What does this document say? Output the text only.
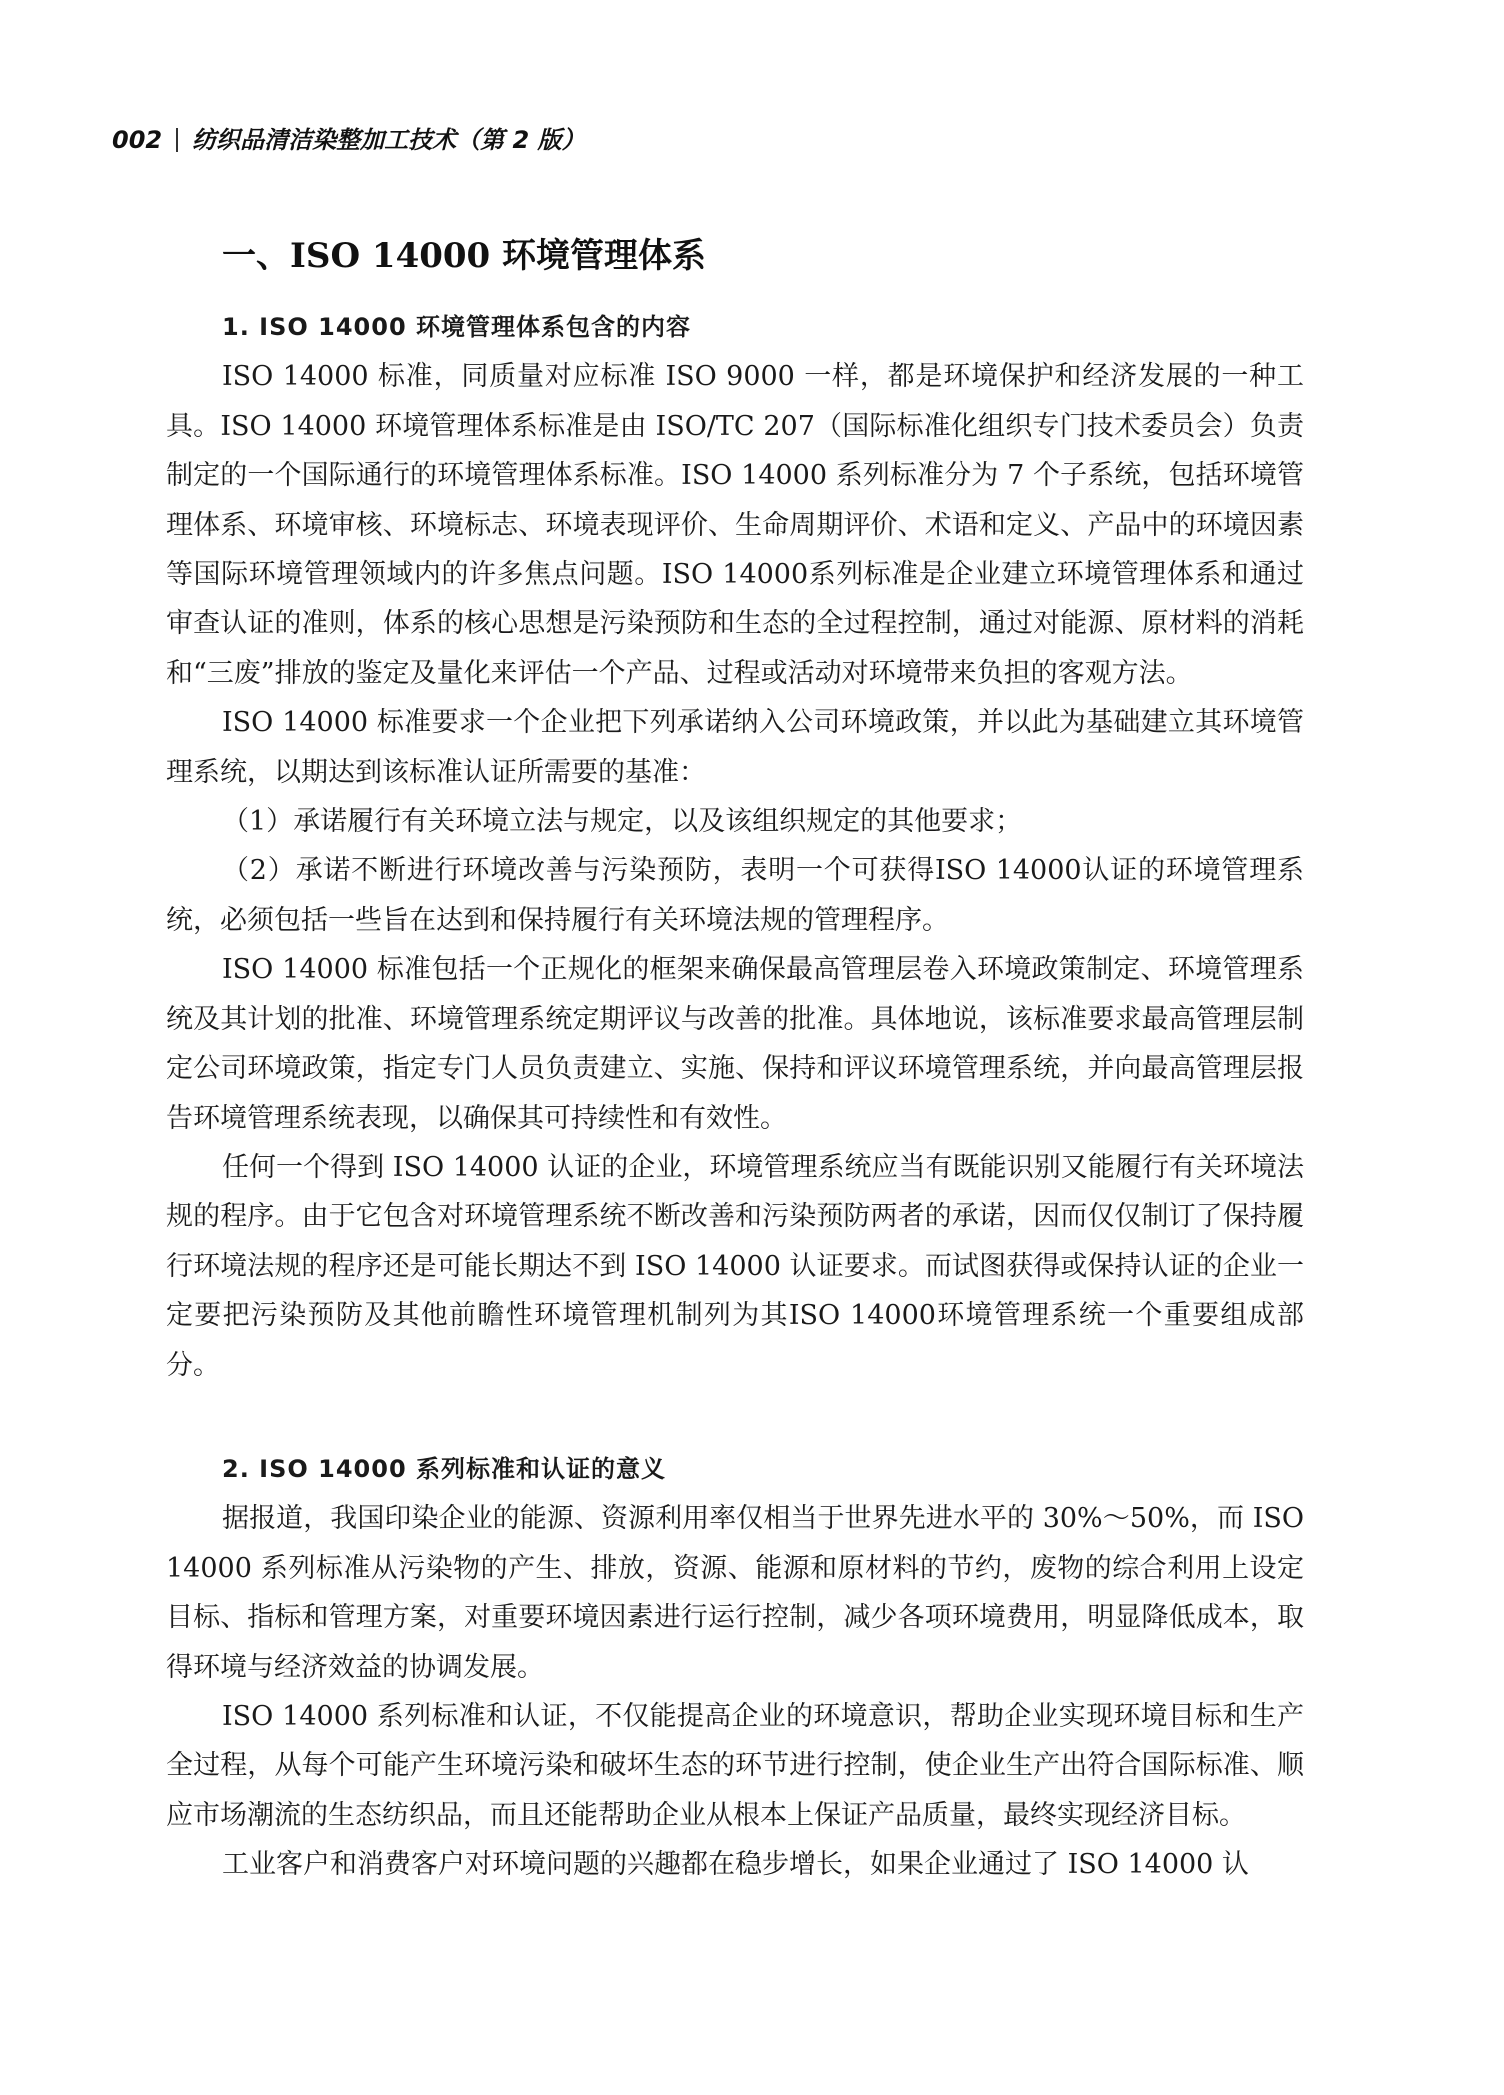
002 纺织品清洁染整加工技术（第 2 版）
一、ISO 14000 环境管理体系

1. ISO 14000 环境管理体系包含的内容

ISO 14000 标准，同质量对应标准 ISO 9000 一样，都是环境保护和经济发展的一种工具。ISO 14000 环境管理体系标准是由 ISO/TC 207（国际标准化组织专门技术委员会）负责制定的一个国际通行的环境管理体系标准。ISO 14000 系列标准分为 7 个子系统，包括环境管理体系、环境审核、环境标志、环境表现评价、生命周期评价、术语和定义、产品中的环境因素等国际环境管理领域内的许多焦点问题。ISO 14000系列标准是企业建立环境管理体系和通过审查认证的准则，体系的核心思想是污染预防和生态的全过程控制，通过对能源、原材料的消耗和“三废”排放的鉴定及量化来评估一个产品、过程或活动对环境带来负担的客观方法。

ISO 14000 标准要求一个企业把下列承诺纳入公司环境政策，并以此为基础建立其环境管理系统，以期达到该标准认证所需要的基准：

（1）承诺履行有关环境立法与规定，以及该组织规定的其他要求；

（2）承诺不断进行环境改善与污染预防，表明一个可获得ISO 14000认证的环境管理系统，必须包括一些旨在达到和保持履行有关环境法规的管理程序。

ISO 14000 标准包括一个正规化的框架来确保最高管理层卷入环境政策制定、环境管理系统及其计划的批准、环境管理系统定期评议与改善的批准。具体地说，该标准要求最高管理层制定公司环境政策，指定专门人员负责建立、实施、保持和评议环境管理系统，并向最高管理层报告环境管理系统表现，以确保其可持续性和有效性。

任何一个得到 ISO 14000 认证的企业，环境管理系统应当有既能识别又能履行有关环境法规的程序。由于它包含对环境管理系统不断改善和污染预防两者的承诺，因而仅仅制订了保持履行环境法规的程序还是可能长期达不到 ISO 14000 认证要求。而试图获得或保持认证的企业一定要把污染预防及其他前瞻性环境管理机制列为其ISO 14000环境管理系统一个重要组成部分。

2. ISO 14000 系列标准和认证的意义

据报道，我国印染企业的能源、资源利用率仅相当于世界先进水平的 30%～50%，而 ISO 14000 系列标准从污染物的产生、排放，资源、能源和原材料的节约，废物的综合利用上设定目标、指标和管理方案，对重要环境因素进行运行控制，减少各项环境费用，明显降低成本，取得环境与经济效益的协调发展。

ISO 14000 系列标准和认证，不仅能提高企业的环境意识，帮助企业实现环境目标和生产全过程，从每个可能产生环境污染和破坏生态的环节进行控制，使企业生产出符合国际标准、顺应市场潮流的生态纺织品，而且还能帮助企业从根本上保证产品质量，最终实现经济目标。

工业客户和消费客户对环境问题的兴趣都在稳步增长，如果企业通过了 ISO 14000 认
